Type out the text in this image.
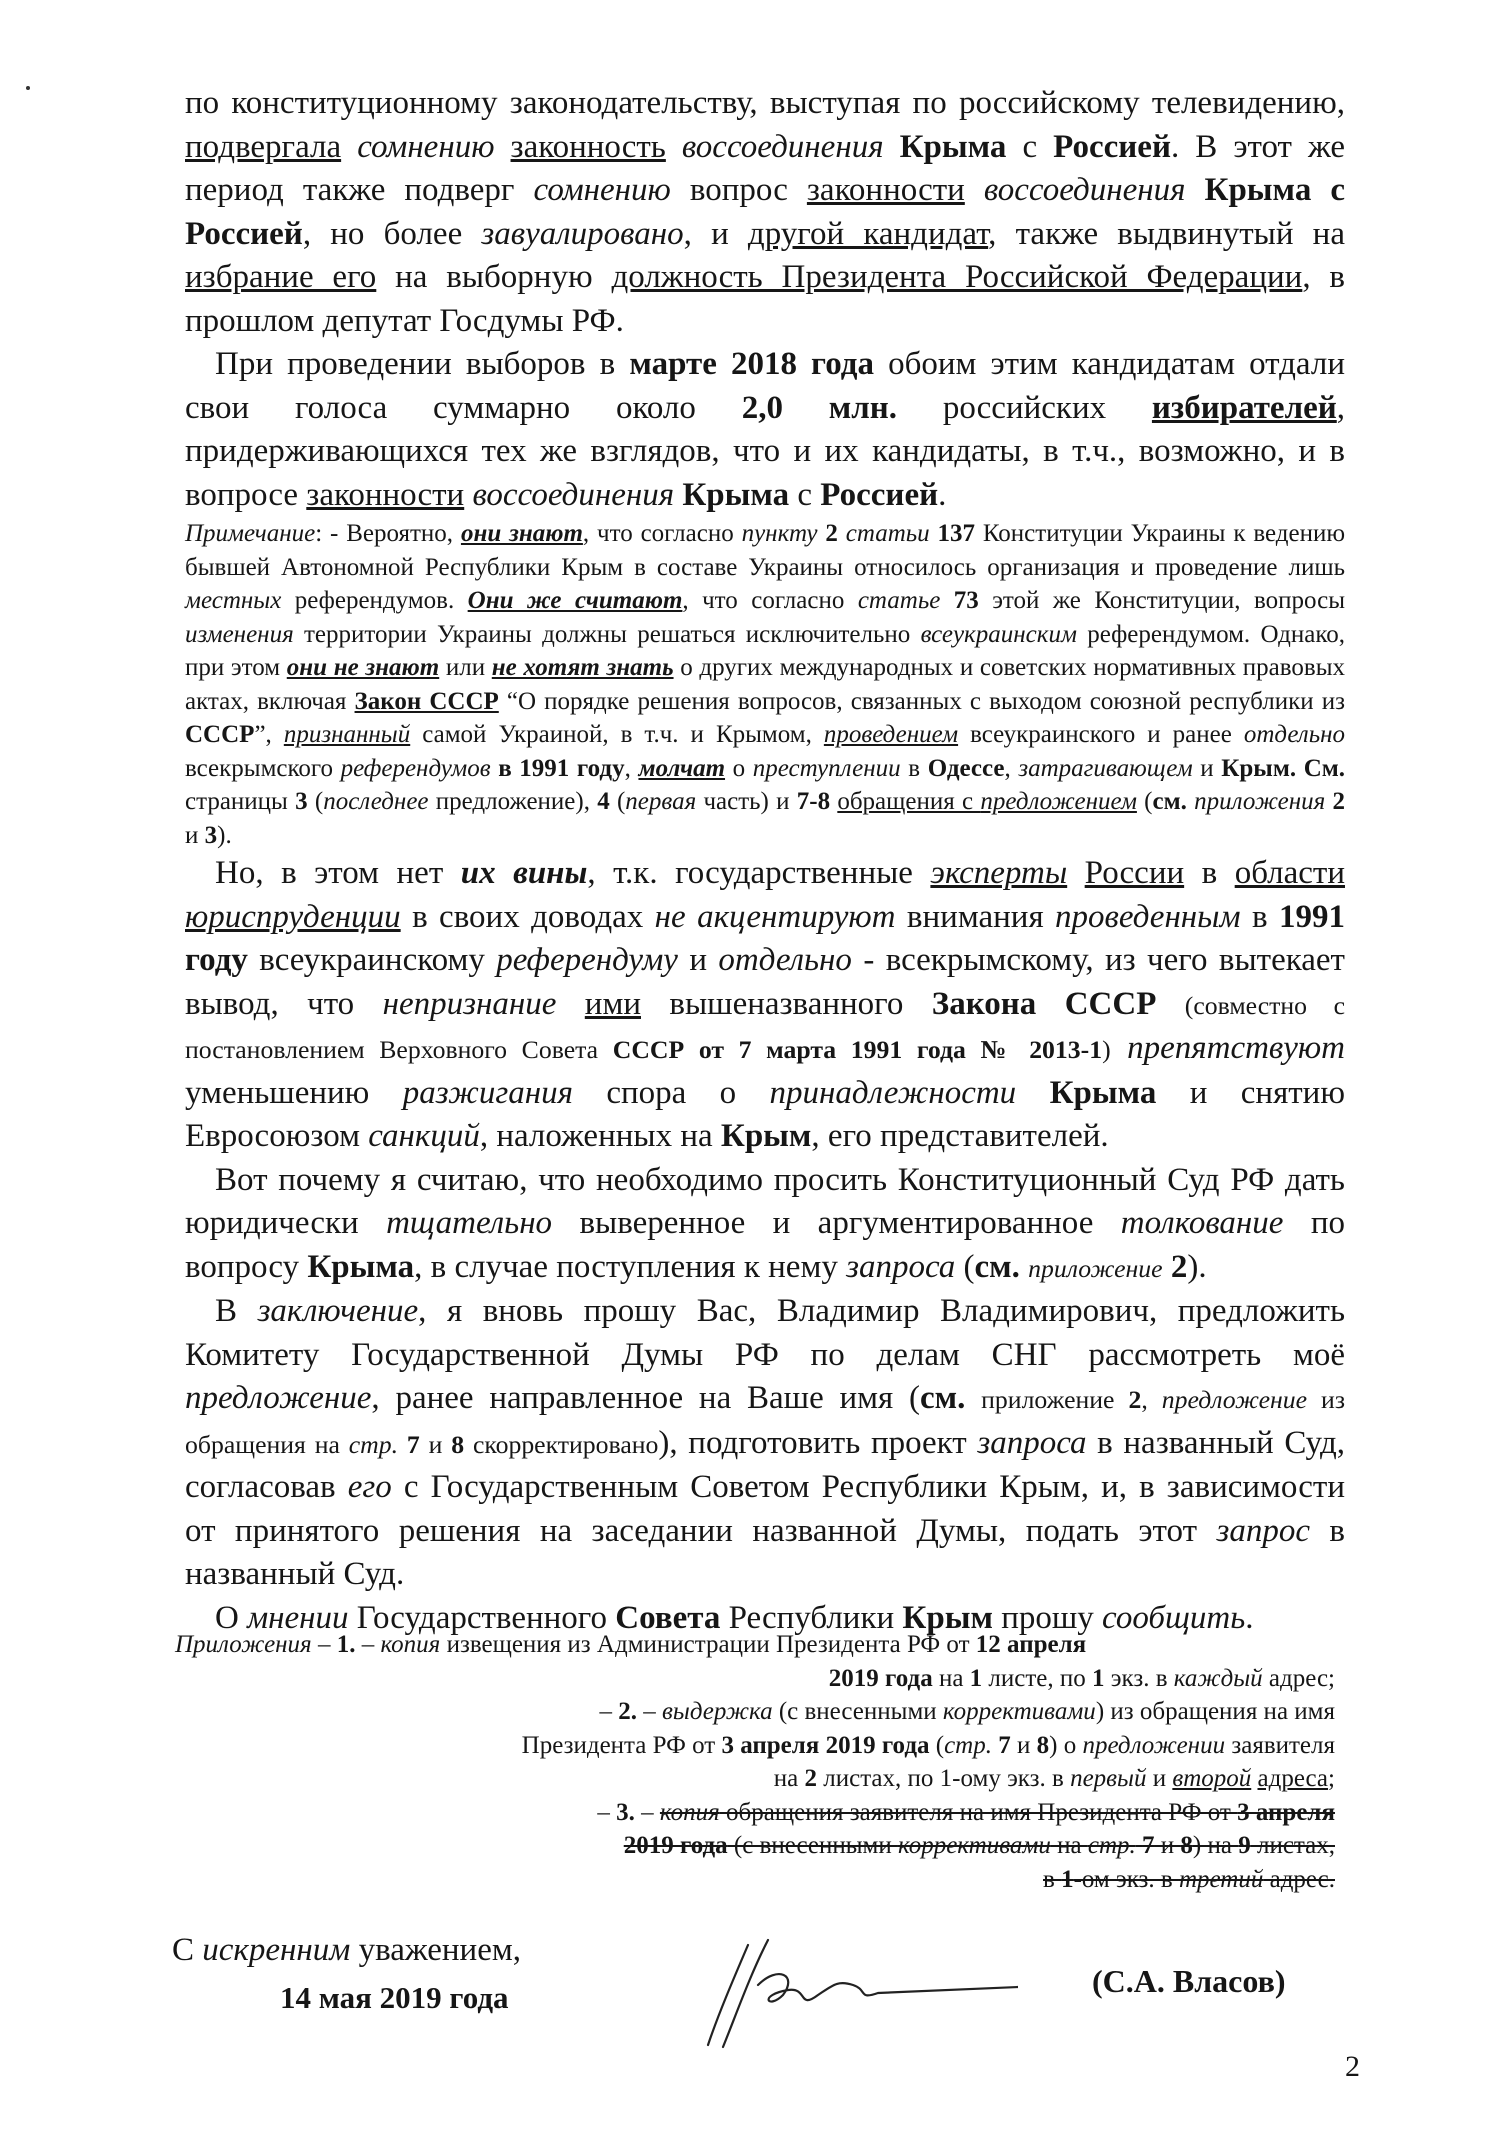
по конституционному законодательству, выступая по российскому телевидению, подвергала сомнению законность воссоединения Крыма с Россией. В этот же период также подверг сомнению вопрос законности воссоединения Крыма с Россией, но более завуалировано, и другой кандидат, также выдвинутый на избрание его на выборную должность Президента Российской Федерации, в прошлом депутат Госдумы РФ.

При проведении выборов в марте 2018 года обоим этим кандидатам отдали свои голоса суммарно около 2,0 млн. российских избирателей, придерживающихся тех же взглядов, что и их кандидаты, в т.ч., возможно, и в вопросе законности воссоединения Крыма с Россией.

Примечание: - Вероятно, они знают, что согласно пункту 2 статьи 137 Конституции Украины к ведению бывшей Автономной Республики Крым в составе Украины относилось организация и проведение лишь местных референдумов. Они же считают, что согласно статье 73 этой же Конституции, вопросы изменения территории Украины должны решаться исключительно всеукраинским референдумом. Однако, при этом они не знают или не хотят знать о других международных и советских нормативных правовых актах, включая Закон СССР “О порядке решения вопросов, связанных с выходом союзной республики из СССР”, признанный самой Украиной, в т.ч. и Крымом, проведением всеукраинского и ранее отдельно всекрымского референдумов в 1991 году, молчат о преступлении в Одессе, затрагивающем и Крым. См. страницы 3 (последнее предложение), 4 (первая часть) и 7-8 обращения с предложением (см. приложения 2 и 3).

Но, в этом нет их вины, т.к. государственные эксперты России в области юриспруденции в своих доводах не акцентируют внимания проведенным в 1991 году всеукраинскому референдуму и отдельно - всекрымскому, из чего вытекает вывод, что непризнание ими вышеназванного Закона СССР (совместно с постановлением Верховного Совета СССР от 7 марта 1991 года № 2013-1) препятствуют уменьшению разжигания спора о принадлежности Крыма и снятию Евросоюзом санкций, наложенных на Крым, его представителей.

Вот почему я считаю, что необходимо просить Конституционный Суд РФ дать юридически тщательно выверенное и аргументированное толкование по вопросу Крыма, в случае поступления к нему запроса (см. приложение 2).

В заключение, я вновь прошу Вас, Владимир Владимирович, предложить Комитету Государственной Думы РФ по делам СНГ рассмотреть моё предложение, ранее направленное на Ваше имя (см. приложение 2, предложение из обращения на стр. 7 и 8 скорректировано), подготовить проект запроса в названный Суд, согласовав его с Государственным Советом Республики Крым, и, в зависимости от принятого решения на заседании названной Думы, подать этот запрос в названный Суд.

О мнении Государственного Совета Республики Крым прошу сообщить.

Приложения – 1. – копия извещения из Администрации Президента РФ от 12 апреля
2019 года на 1 листе, по 1 экз. в каждый адрес;
– 2. – выдержка (с внесенными коррективами) из обращения на имя
Президента РФ от 3 апреля 2019 года (стр. 7 и 8) о предложении заявителя
на 2 листах, по 1-ому экз. в первый и второй адреса;
– 3. – копия обращения заявителя на имя Президента РФ от 3 апреля
2019 года (с внесенными коррективами на стр. 7 и 8) на 9 листах,
в 1-ом экз. в третий адрес.
С искренним уважением,
14 мая 2019 года	(С.А. Власов)
2
